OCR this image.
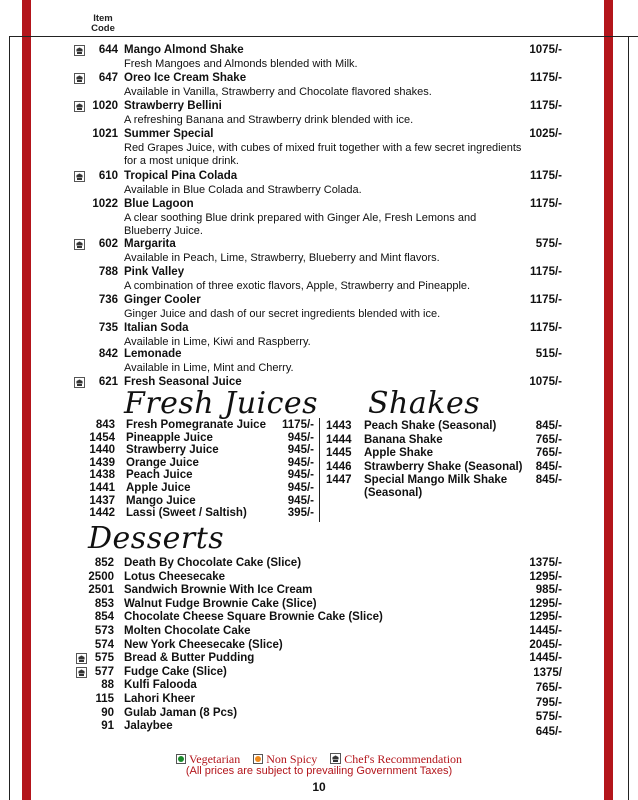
Item Code
644 Mango Almond Shake	1075/-
Fresh Mangoes and Almonds blended with Milk.
647 Oreo Ice Cream Shake	1175/-
Available in Vanilla, Strawberry and Chocolate flavored shakes.
1020 Strawberry Bellini	1175/-
A refreshing Banana and Strawberry drink blended with ice.
1021 Summer Special	1025/-
Red Grapes Juice, with cubes of mixed fruit together with a few secret ingredients for a most unique drink.
610 Tropical Pina Colada	1175/-
Available in Blue Colada and Strawberry Colada.
1022 Blue Lagoon	1175/-
A clear soothing Blue drink prepared with Ginger Ale, Fresh Lemons and Blueberry Juice.
602 Margarita	575/-
Available in Peach, Lime, Strawberry, Blueberry and Mint flavors.
788 Pink Valley	1175/-
A combination of three exotic flavors, Apple, Strawberry and Pineapple.
736 Ginger Cooler	1175/-
Ginger Juice and dash of our secret ingredients blended with ice.
735 Italian Soda	1175/-
Available in Lime, Kiwi and Raspberry.
842 Lemonade	515/-
Available in Lime, Mint and Cherry.
621 Fresh Seasonal Juice	1075/-
Fresh Juices Shakes
843 Fresh Pomegranate Juice 1175/-
1454 Pineapple Juice	945/-
1440 Strawberry Juice	945/-
1439 Orange Juice	945/-
1438 Peach Juice	945/-
1441 Apple Juice	945/-
1437 Mango Juice	945/-
1442 Lassi (Sweet / Saltish)	395/-
1443 Peach Shake (Seasonal)	845/-
1444 Banana Shake	765/-
1445 Apple Shake	765/-
1446 Strawberry Shake (Seasonal) 845/-
1447 Special Mango Milk Shake (Seasonal)
845/-
Desserts
852 Death By Chocolate Cake (Slice)	1375/-
2500 Lotus Cheesecake	1295/-
2501 Sandwich Brownie With Ice Cream	985/-
853 Walnut Fudge Brownie Cake (Slice)	1295/-
854 Chocolate Cheese Square Brownie Cake (Slice)	1295/-
573 Molten Chocolate Cake	1445/-
574 New York Cheesecake (Slice)	2045/-
575 Bread & Butter Pudding	1445/-
577 Fudge Cake (Slice)	1375/
88 Kulfi Falooda	765/-
115 Lahori Kheer	795/-
90 Gulab Jaman (8 Pcs)	575/-
91 Jalaybee	645/-
Vegetarian Non Spicy Chef's Recommendation
(All prices are subject to prevailing Government Taxes)
10
